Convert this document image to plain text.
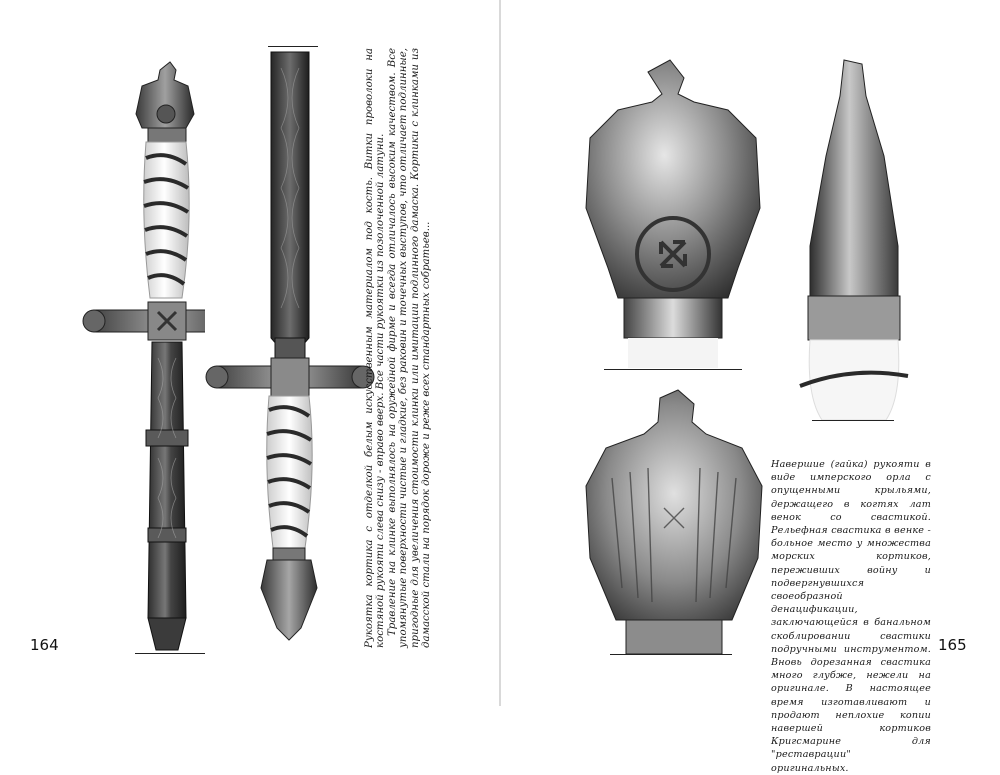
164	Рукоятка кортика с отделкой белым искусственным материалом под кость. Витки проволоки на костяной рукояти слева снизу - вправо вверх. Все части рукоятки из позолоченной латуни. Травление на клинке выполнялось на оружейной фирме и всегда отличалось высоким качеством. Все упомянутые поверхности чистые и гладкие, без раковин и точечных выступов, что отличает подлинные, пригодные для увеличения стоимости клинки или имитации подлинного дамаска. Кортики с клинками из дамасской стали на порядок дороже и реже всех стандартных собратьев...	165
Навершие (гайка) рукояти в виде имперского орла с опущенными крыльями, держащего в когтях лат венок со свастикой. Рельефная свастика в венке - больное место у множества морских кортиков, переживших войну и подвергнувшихся своеобразной денацификации, заключающейся в банальном скоблировании свастики подручными инструментом. Вновь дорезанная свастика много глубже, нежели на оригинале. В настоящее время изготавливают и продают неплохие копии навершей кортиков Кригсмарине для "реставрации" оригинальных.
